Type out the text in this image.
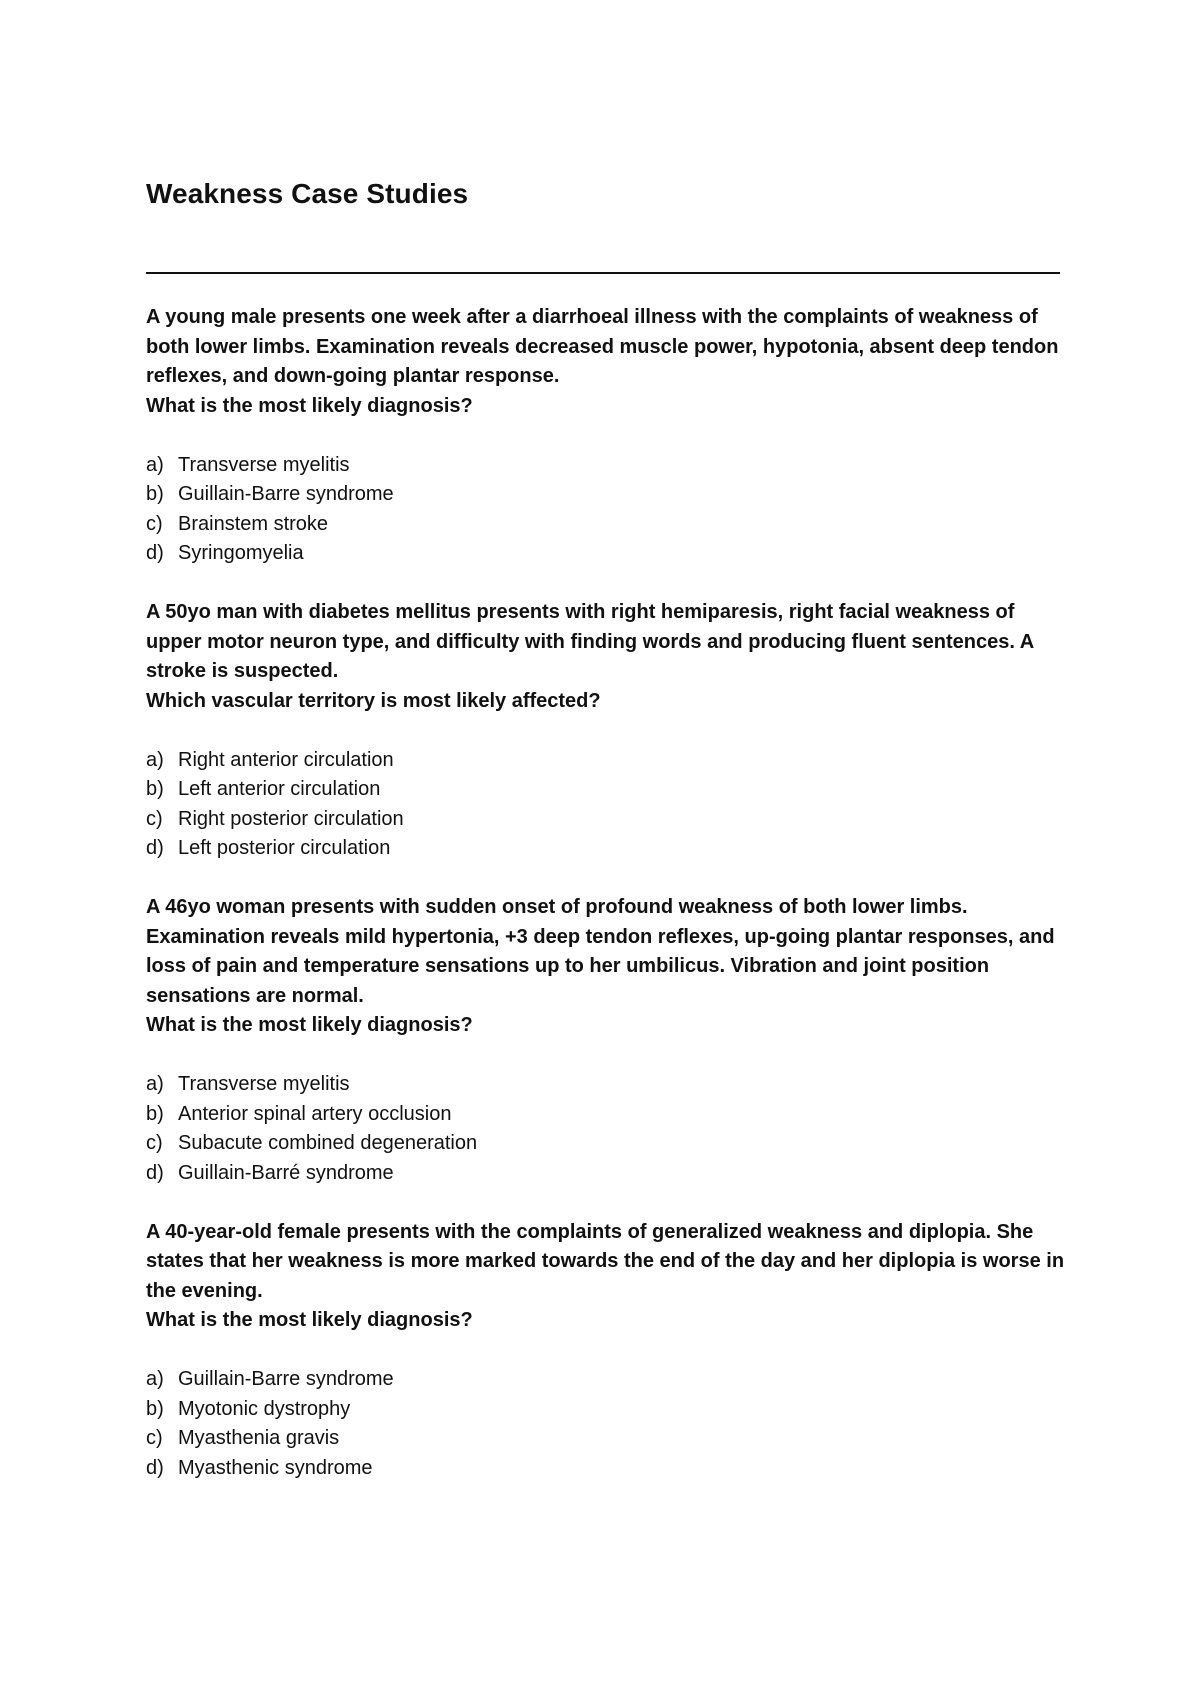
Weakness Case Studies

A young male presents one week after a diarrhoeal illness with the complaints of weakness of both lower limbs. Examination reveals decreased muscle power, hypotonia, absent deep tendon reflexes, and down-going plantar response.

What is the most likely diagnosis?
a) Transverse myelitis
b) Guillain-Barre syndrome
c) Brainstem stroke
d) Syringomyelia

A 50yo man with diabetes mellitus presents with right hemiparesis, right facial weakness of upper motor neuron type, and difficulty with finding words and producing fluent sentences. A stroke is suspected.

Which vascular territory is most likely affected?
a) Right anterior circulation
b) Left anterior circulation
c) Right posterior circulation
d) Left posterior circulation

A 46yo woman presents with sudden onset of profound weakness of both lower limbs. Examination reveals mild hypertonia, +3 deep tendon reflexes, up-going plantar responses, and loss of pain and temperature sensations up to her umbilicus. Vibration and joint position sensations are normal.

What is the most likely diagnosis?
a) Transverse myelitis
b) Anterior spinal artery occlusion
c) Subacute combined degeneration
d) Guillain-Barré syndrome

A 40-year-old female presents with the complaints of generalized weakness and diplopia. She states that her weakness is more marked towards the end of the day and her diplopia is worse in the evening.

What is the most likely diagnosis?
a) Guillain-Barre syndrome
b) Myotonic dystrophy
c) Myasthenia gravis
d) Myasthenic syndrome
